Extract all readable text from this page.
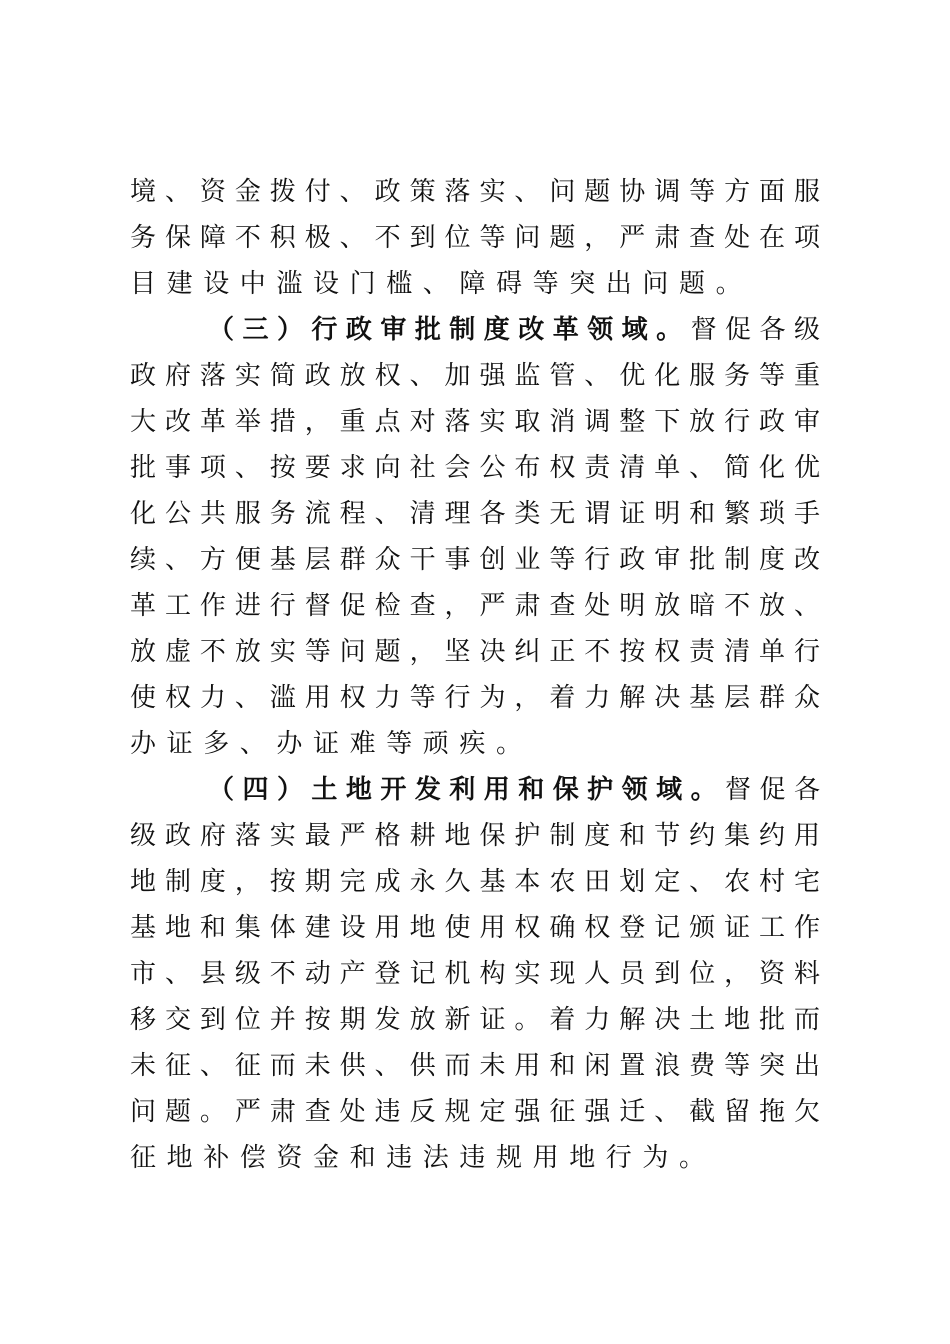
境、资金拨付、政策落实、问题协调等方面服
务保障不积极、不到位等问题，严肃查处在项
目建设中滥设门槛、障碍等突出问题。
（三）行政审批制度改革领域。督促各级
政府落实简政放权、加强监管、优化服务等重
大改革举措，重点对落实取消调整下放行政审
批事项、按要求向社会公布权责清单、简化优
化公共服务流程、清理各类无谓证明和繁琐手
续、方便基层群众干事创业等行政审批制度改
革工作进行督促检查，严肃查处明放暗不放、
放虚不放实等问题，坚决纠正不按权责清单行
使权力、滥用权力等行为，着力解决基层群众
办证多、办证难等顽疾。
（四）土地开发利用和保护领域。督促各
级政府落实最严格耕地保护制度和节约集约用
地制度，按期完成永久基本农田划定、农村宅
基地和集体建设用地使用权确权登记颁证工作
市、县级不动产登记机构实现人员到位，资料
移交到位并按期发放新证。着力解决土地批而
未征、征而未供、供而未用和闲置浪费等突出
问题。严肃查处违反规定强征强迁、截留拖欠
征地补偿资金和违法违规用地行为。
